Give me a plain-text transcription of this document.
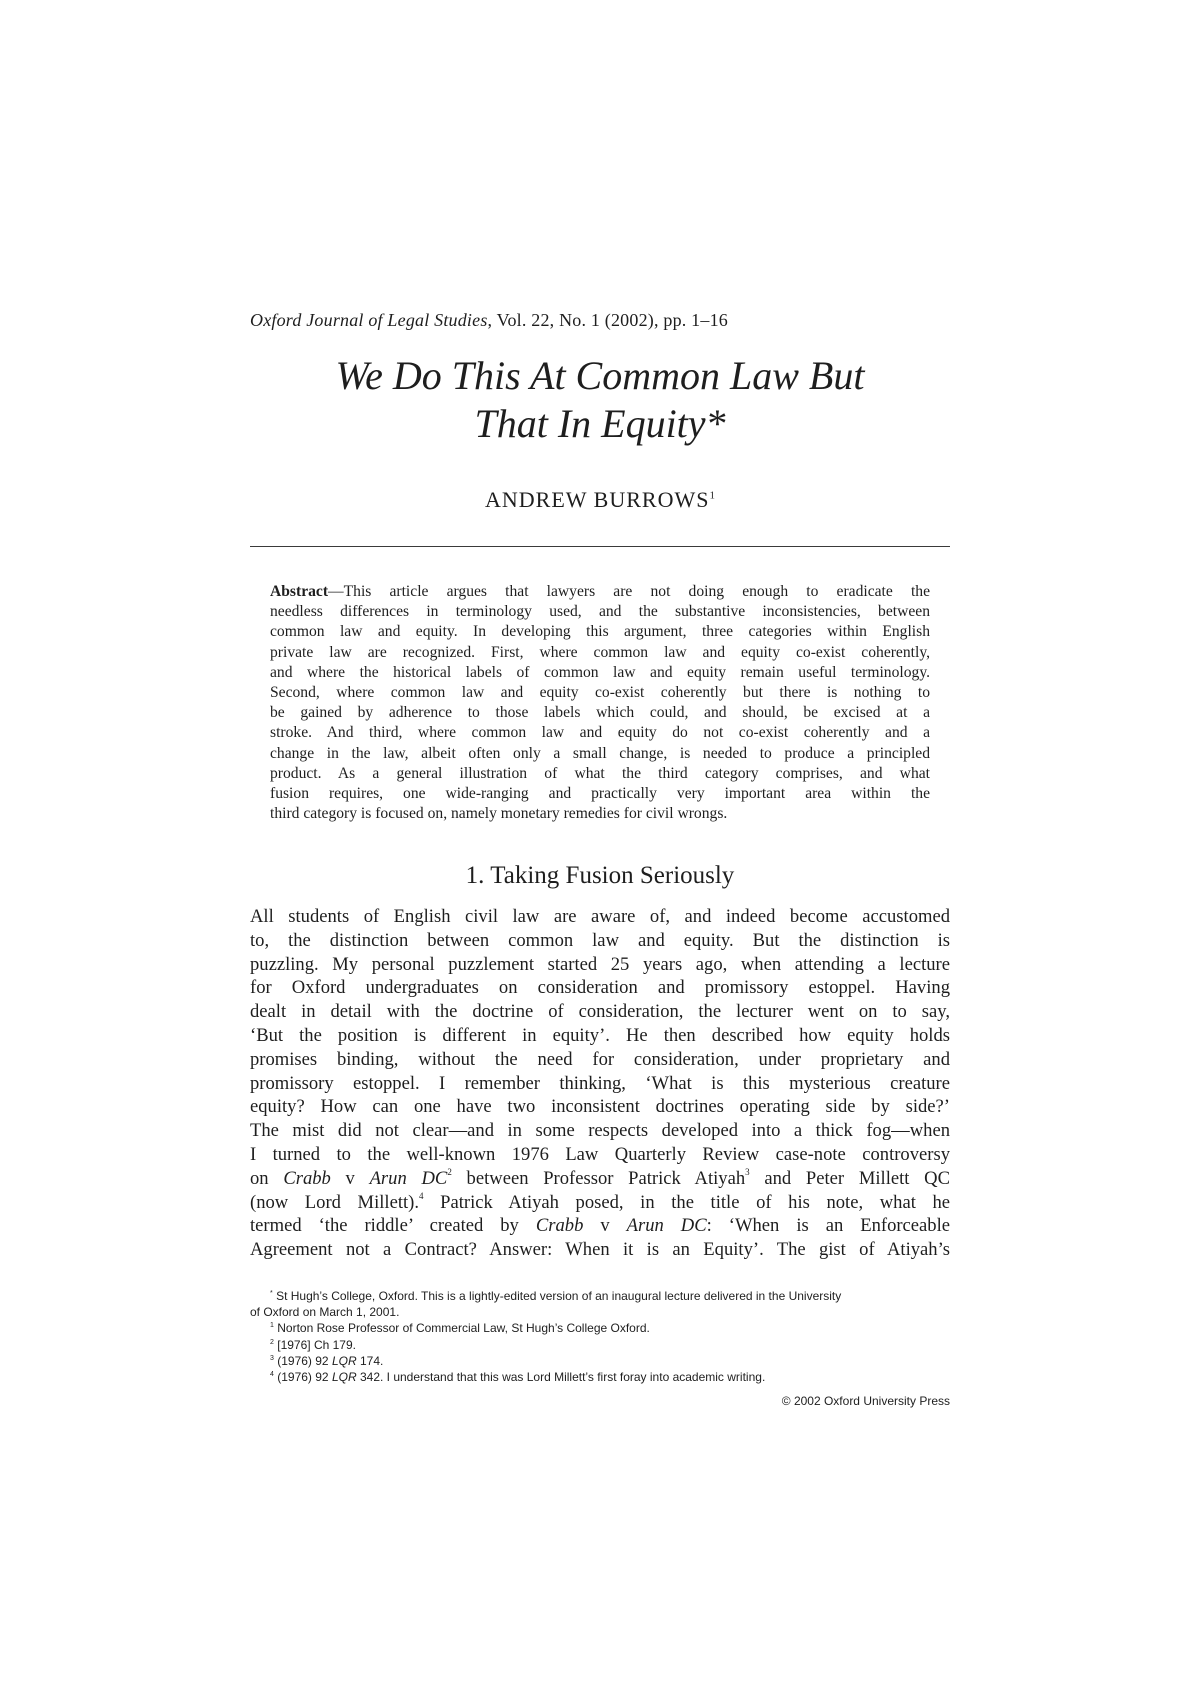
Oxford Journal of Legal Studies, Vol. 22, No. 1 (2002), pp. 1–16
We Do This At Common Law But
That In Equity*
ANDREW BURROWS$^1$
Abstract—This article argues that lawyers are not doing enough to eradicate the
needless differences in terminology used, and the substantive inconsistencies, between
common law and equity. In developing this argument, three categories within English
private law are recognized. First, where common law and equity co-exist coherently,
and where the historical labels of common law and equity remain useful terminology.
Second, where common law and equity co-exist coherently but there is nothing to
be gained by adherence to those labels which could, and should, be excised at a
stroke. And third, where common law and equity do not co-exist coherently and a
change in the law, albeit often only a small change, is needed to produce a principled
product. As a general illustration of what the third category comprises, and what
fusion requires, one wide-ranging and practically very important area within the
third category is focused on, namely monetary remedies for civil wrongs.
1. Taking Fusion Seriously
All students of English civil law are aware of, and indeed become accustomed
to, the distinction between common law and equity. But the distinction is
puzzling. My personal puzzlement started 25 years ago, when attending a lecture
for Oxford undergraduates on consideration and promissory estoppel. Having
dealt in detail with the doctrine of consideration, the lecturer went on to say,
‘But the position is different in equity’. He then described how equity holds
promises binding, without the need for consideration, under proprietary and
promissory estoppel. I remember thinking, ‘What is this mysterious creature
equity? How can one have two inconsistent doctrines operating side by side?’
The mist did not clear—and in some respects developed into a thick fog—when
I turned to the well-known 1976 Law Quarterly Review case-note controversy
on Crabb v Arun $DC^2$ between Professor Patrick Atiyah$^3$ and Peter Millett QC
(now Lord Millett).$^4$ Patrick Atiyah posed, in the title of his note, what he
termed ‘the riddle’ created by Crabb v Arun DC: ‘When is an Enforceable
Agreement not a Contract? Answer: When it is an Equity’. The gist of Atiyah’s
* St Hugh’s College, Oxford. This is a lightly-edited version of an inaugural lecture delivered in the University
of Oxford on March 1, 2001.
$^1$ Norton Rose Professor of Commercial Law, St Hugh’s College Oxford.
$^2$ [1976] Ch 179.
$^3$ (1976) 92 LQR 174.
$^4$ (1976) 92 LQR 342. I understand that this was Lord Millett’s first foray into academic writing.
© 2002 Oxford University Press
